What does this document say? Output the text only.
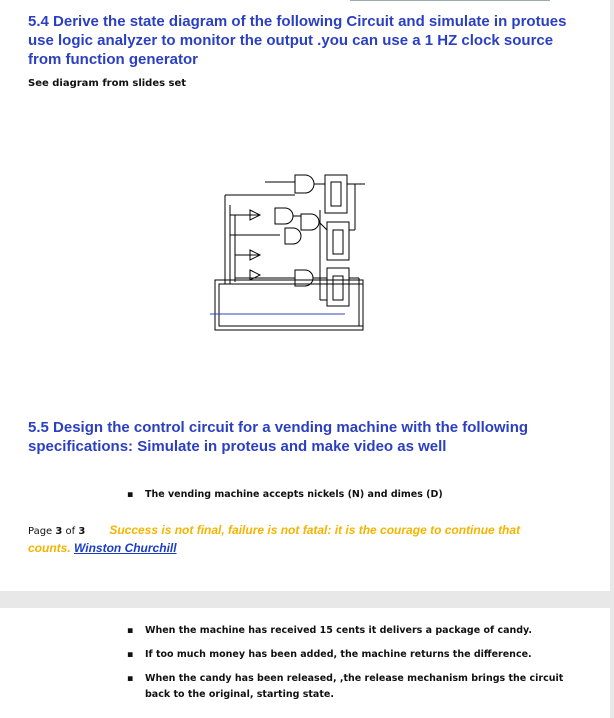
5.4 Derive the state diagram of the following Circuit and simulate in protues use logic analyzer to monitor the output .you can use a 1 HZ clock source from function generator
See diagram from slides set
5.5 Design the control circuit for a vending machine with the following specifications: Simulate in proteus and make video as well
▪ The vending machine accepts nickels (N) and dimes (D)
Page 3 of 3 Success is not final, failure is not fatal: it is the courage to continue that
counts. Winston Churchill
▪ When the machine has received 15 cents it delivers a package of candy.
▪ If too much money has been added, the machine returns the difference.
▪ When the candy has been released, ,the release mechanism brings the circuit back to the original, starting state.
